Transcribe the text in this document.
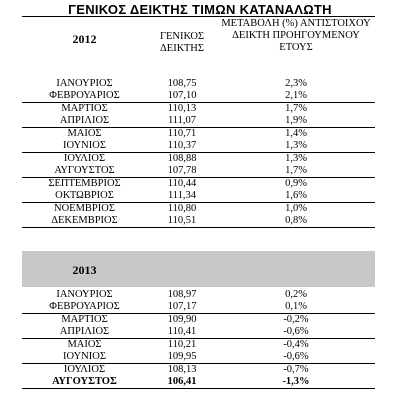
ΓΕΝΙΚΟΣ ΔΕΙΚΤΗΣ ΤΙΜΩΝ ΚΑΤΑΝΑΛΩΤΗ
2012	ΓΕΝΙΚΟΣ ΔΕΙΚΤΗΣ
ΜΕΤΑΒΟΛΗ (%) ΑΝΤΙΣΤΟΙΧΟΥ ΔΕΙΚΤΗ ΠΡΟΗΓΟΥΜΕΝΟΥ ΕΤΟΥΣ
ΙΑΝΟΥΡΙΟΣ	108,75	2,3%
ΦΕΒΡΟΥΑΡΙΟΣ	107,10	2,1%
ΜΑΡΤΙΟΣ	110,13	1,7%
ΑΠΡΙΛΙΟΣ	111,07	1,9%
ΜΑΙΟΣ	110,71	1,4%
ΙΟΥΝΙΟΣ	110,37	1,3%
ΙΟΥΛΙΟΣ	108,88	1,3%
ΑΥΓΟΥΣΤΟΣ	107,78	1,7%
ΣΕΠΤΕΜΒΡΙΟΣ	110,44	0,9%
ΟΚΤΩΒΡΙΟΣ	111,34	1,6%
ΝΟΕΜΒΡΙΟΣ	110,80	1,0%
ΔΕΚΕΜΒΡΙΟΣ	110,51	0,8%
2013
ΙΑΝΟΥΡΙΟΣ	108,97	0,2%
ΦΕΒΡΟΥΑΡΙΟΣ	107,17	0,1%
ΜΑΡΤΙΟΣ	109,90	-0,2%
ΑΠΡΙΛΙΟΣ	110,41	-0,6%
ΜΑΙΟΣ	110,21	-0,4%
ΙΟΥΝΙΟΣ	109,95	-0,6%
ΙΟΥΛΙΟΣ	108,13	-0,7%
ΑΥΓΟΥΣΤΟΣ	106,41	-1,3%
